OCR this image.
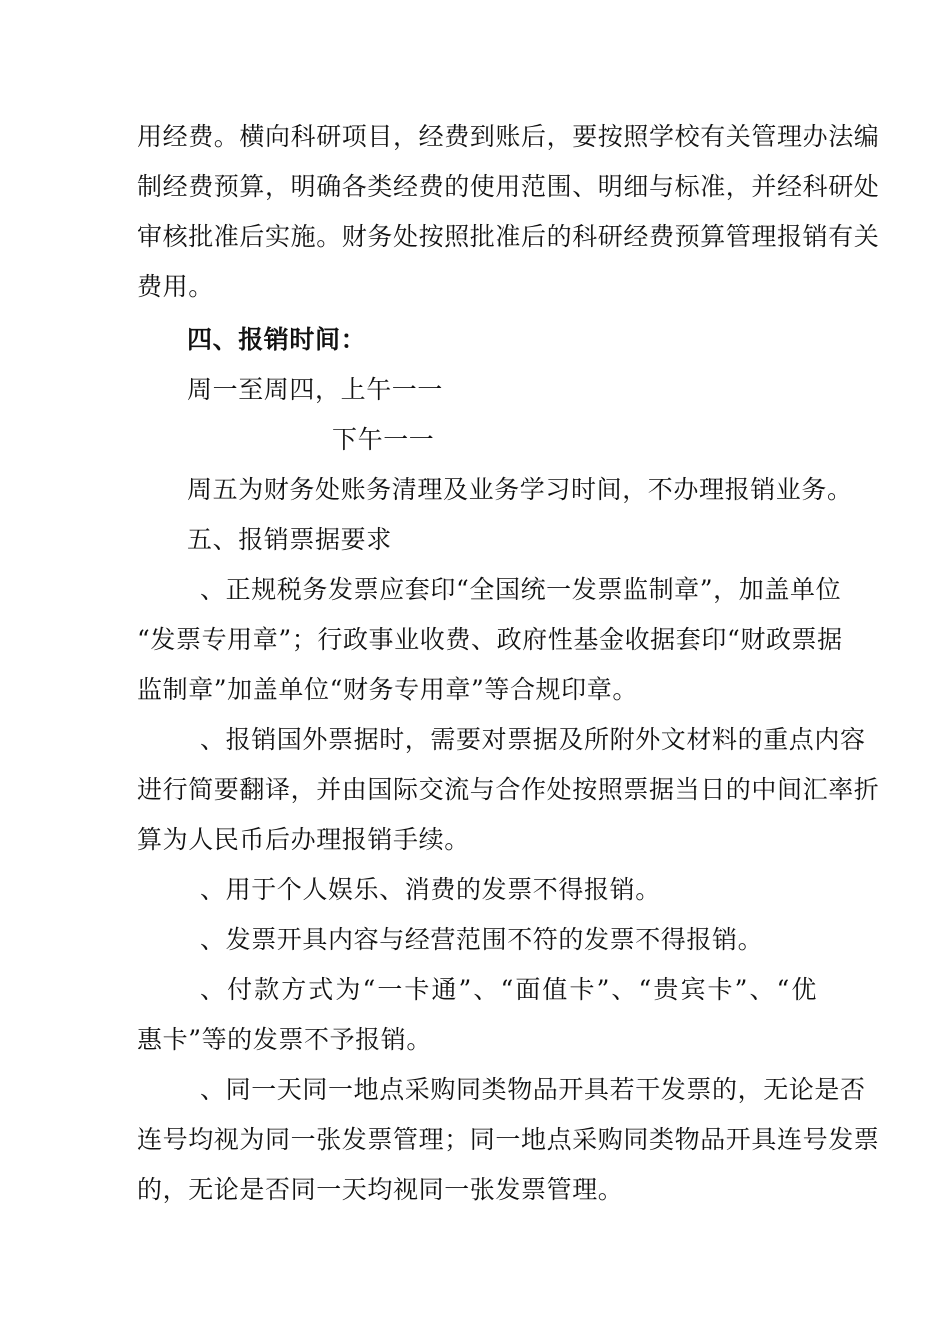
用经费。横向科研项目，经费到账后，要按照学校有关管理办法编
制经费预算，明确各类经费的使用范围、明细与标准，并经科研处
审核批准后实施。财务处按照批准后的科研经费预算管理报销有关
费用。
四、报销时间：
周一至周四，上午一一
下午一一
周五为财务处账务清理及业务学习时间，不办理报销业务。
五、报销票据要求
、正规税务发票应套印“全国统一发票监制章”，加盖单位
“发票专用章”；行政事业收费、政府性基金收据套印“财政票据
监制章”加盖单位“财务专用章”等合规印章。
、报销国外票据时，需要对票据及所附外文材料的重点内容
进行简要翻译，并由国际交流与合作处按照票据当日的中间汇率折
算为人民币后办理报销手续。
、用于个人娱乐、消费的发票不得报销。
、发票开具内容与经营范围不符的发票不得报销。
、付款方式为“一卡通”、“面值卡”、“贵宾卡”、“优
惠卡”等的发票不予报销。
、同一天同一地点采购同类物品开具若干发票的，无论是否
连号均视为同一张发票管理；同一地点采购同类物品开具连号发票
的，无论是否同一天均视同一张发票管理。
